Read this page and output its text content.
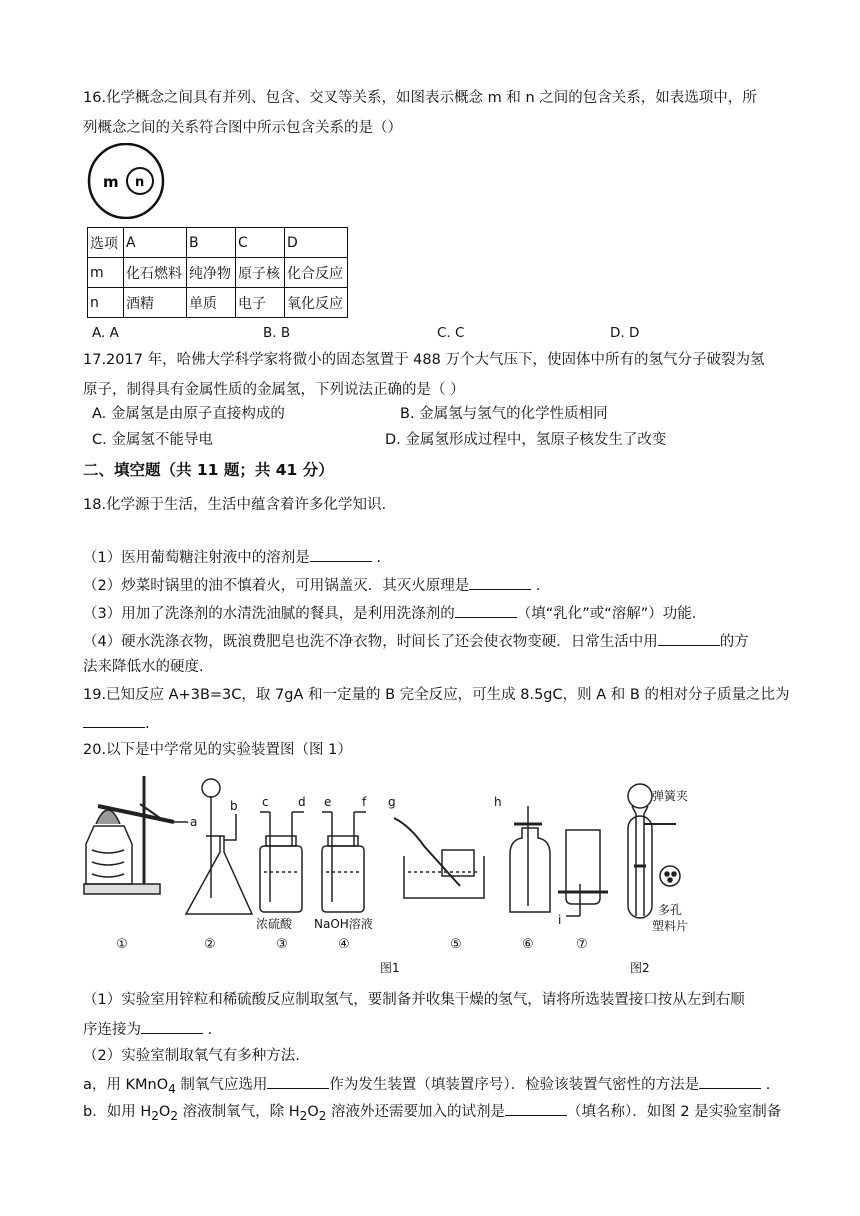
16.化学概念之间具有并列、包含、交叉等关系，如图表示概念 m 和 n 之间的包含关系，如表选项中，所
列概念之间的关系符合图中所示包含关系的是（）
m n
选项	A	B	C	D
m	化石燃料	纯净物	原子核	化合反应
n	酒精	单质	电子	氧化反应
A. A	B. B	C. C	D. D
17.2017 年，哈佛大学科学家将微小的固态氢置于 488 万个大气压下，使固体中所有的氢气分子破裂为氢
原子，制得具有金属性质的金属氢，下列说法正确的是（ ）
A. 金属氢是由原子直接构成的	B. 金属氢与氢气的化学性质相同
C. 金属氢不能导电	D. 金属氢形成过程中，氢原子核发生了改变
二、填空题（共 11 题；共 41 分）
18.化学源于生活，生活中蕴含着许多化学知识.
（1）医用葡萄糖注射液中的溶剂是	.
（2）炒菜时锅里的油不慎着火，可用锅盖灭．其灭火原理是	.
（3）用加了洗涤剂的水清洗油腻的餐具，是利用洗涤剂的	（填“乳化”或“溶解”）功能.
（4）硬水洗涤衣物，既浪费肥皂也洗不净衣物，时间长了还会使衣物变硬．日常生活中用	的方
法来降低水的硬度.
19.已知反应 A+3B=3C，取 7gA 和一定量的 B 完全反应，可生成 8.5gC，则 A 和 B 的相对分子质量之比为
.
20.以下是中学常见的实验装置图（图 1）
a
b c d e	f g	h
i
浓硫酸 NaOH溶液
弹簧夹
多孔
塑料片
①	②	③	④	⑤	⑥	⑦
图1	图2
（1）实验室用锌粒和稀硫酸反应制取氢气，要制备并收集干燥的氢气，请将所选装置接口按从左到右顺
序连接为	.
（2）实验室制取氧气有多种方法.
a，用 KMnO$_4$ 制氧气应选用	作为发生装置（填装置序号）．检验该装置气密性的方法是	.
b．如用 $H_2O_2$ 溶液制氧气，除 $H_2O_2$ 溶液外还需要加入的试剂是	（填名称）．如图 2 是实验室制备
